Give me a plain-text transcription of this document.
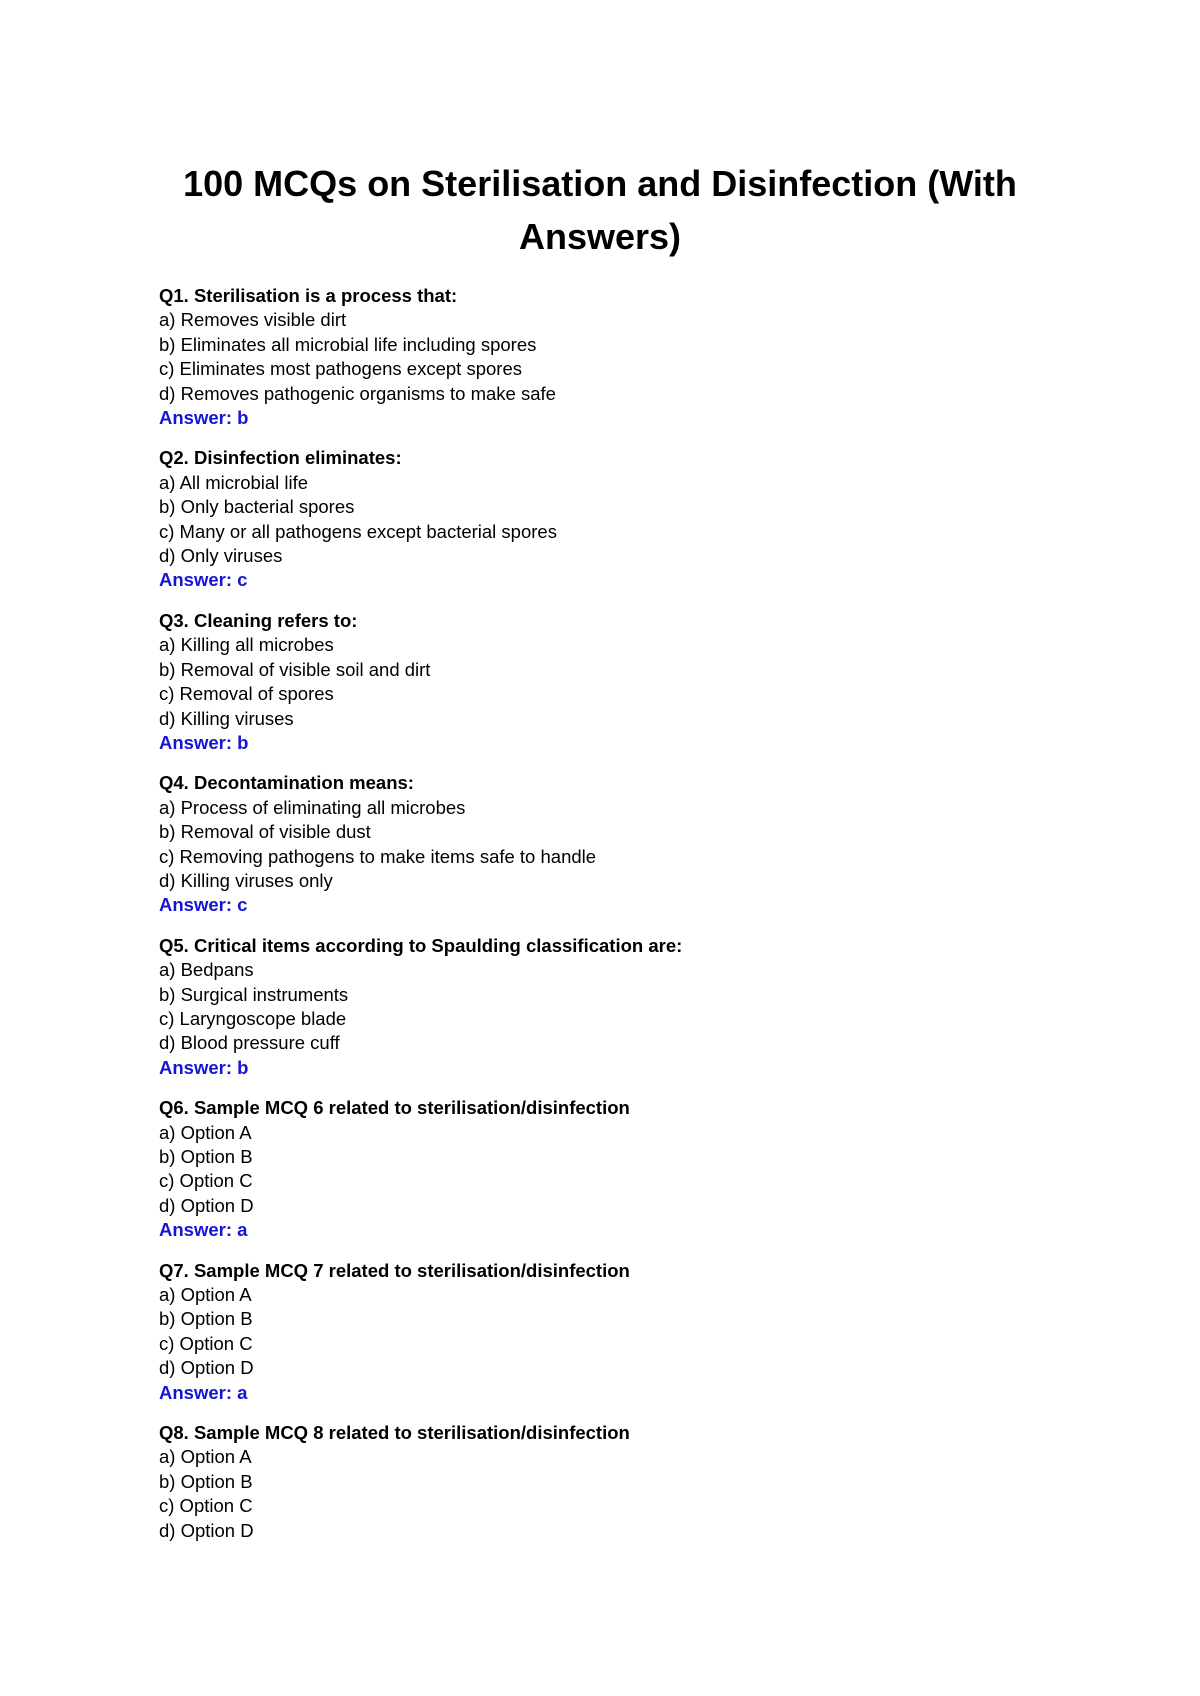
100 MCQs on Sterilisation and Disinfection (With Answers)
Q1. Sterilisation is a process that:
a) Removes visible dirt
b) Eliminates all microbial life including spores
c) Eliminates most pathogens except spores
d) Removes pathogenic organisms to make safe
Answer: b
Q2. Disinfection eliminates:
a) All microbial life
b) Only bacterial spores
c) Many or all pathogens except bacterial spores
d) Only viruses
Answer: c
Q3. Cleaning refers to:
a) Killing all microbes
b) Removal of visible soil and dirt
c) Removal of spores
d) Killing viruses
Answer: b
Q4. Decontamination means:
a) Process of eliminating all microbes
b) Removal of visible dust
c) Removing pathogens to make items safe to handle
d) Killing viruses only
Answer: c
Q5. Critical items according to Spaulding classification are:
a) Bedpans
b) Surgical instruments
c) Laryngoscope blade
d) Blood pressure cuff
Answer: b
Q6. Sample MCQ 6 related to sterilisation/disinfection
a) Option A
b) Option B
c) Option C
d) Option D
Answer: a
Q7. Sample MCQ 7 related to sterilisation/disinfection
a) Option A
b) Option B
c) Option C
d) Option D
Answer: a
Q8. Sample MCQ 8 related to sterilisation/disinfection
a) Option A
b) Option B
c) Option C
d) Option D
